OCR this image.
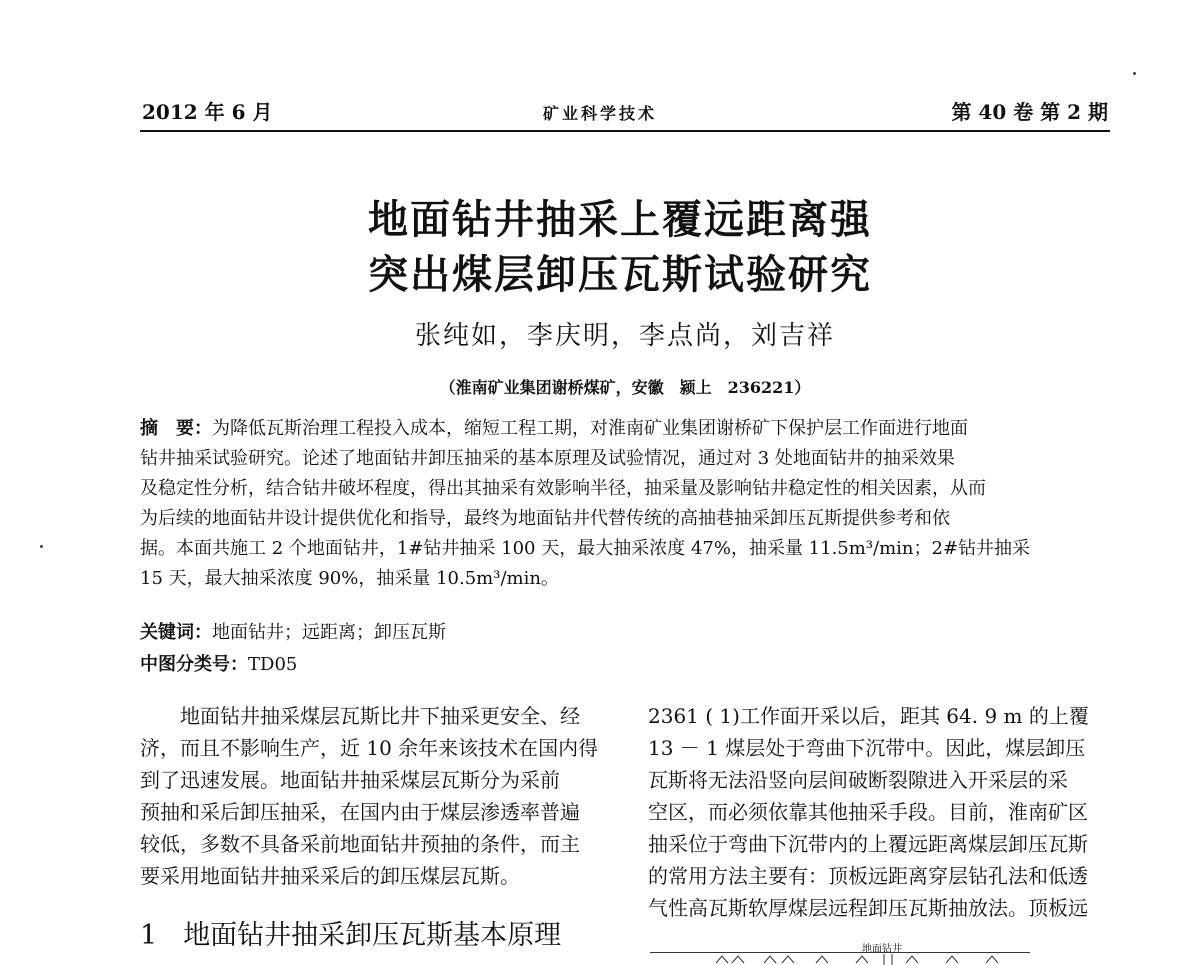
2012 年 6 月	矿业科学技术	第 40 卷 第 2 期
地面钻井抽采上覆远距离强
突出煤层卸压瓦斯试验研究
张纯如，李庆明，李点尚，刘吉祥
（淮南矿业集团谢桥煤矿，安徽　颍上　236221）
摘　要：为降低瓦斯治理工程投入成本，缩短工程工期，对淮南矿业集团谢桥矿下保护层工作面进行地面
钻井抽采试验研究。论述了地面钻井卸压抽采的基本原理及试验情况，通过对 3 处地面钻井的抽采效果
及稳定性分析，结合钻井破坏程度，得出其抽采有效影响半径，抽采量及影响钻井稳定性的相关因素，从而
为后续的地面钻井设计提供优化和指导，最终为地面钻井代替传统的高抽巷抽采卸压瓦斯提供参考和依
据。本面共施工 2 个地面钻井，1#钻井抽采 100 天，最大抽采浓度 47%，抽采量 11.5m³/min；2#钻井抽采
15 天，最大抽采浓度 90%，抽采量 10.5m³/min。
关键词：地面钻井；远距离；卸压瓦斯
中图分类号：TD05
　　地面钻井抽采煤层瓦斯比井下抽采更安全、经
济，而且不影响生产，近 10 余年来该技术在国内得
到了迅速发展。地面钻井抽采煤层瓦斯分为采前
预抽和采后卸压抽采，在国内由于煤层渗透率普遍
较低，多数不具备采前地面钻井预抽的条件，而主
要采用地面钻井抽采采后的卸压煤层瓦斯。
1 地面钻井抽采卸压瓦斯基本原理
2361 ( 1)工作面开采以后，距其 64. 9 m 的上覆
13 － 1 煤层处于弯曲下沉带中。因此，煤层卸压
瓦斯将无法沿竖向层间破断裂隙进入开采层的采
空区，而必须依靠其他抽采手段。目前，淮南矿区
抽采位于弯曲下沉带内的上覆远距离煤层卸压瓦斯
的常用方法主要有：顶板远距离穿层钻孔法和低透
气性高瓦斯软厚煤层远程卸压瓦斯抽放法。顶板远
地面钻井
